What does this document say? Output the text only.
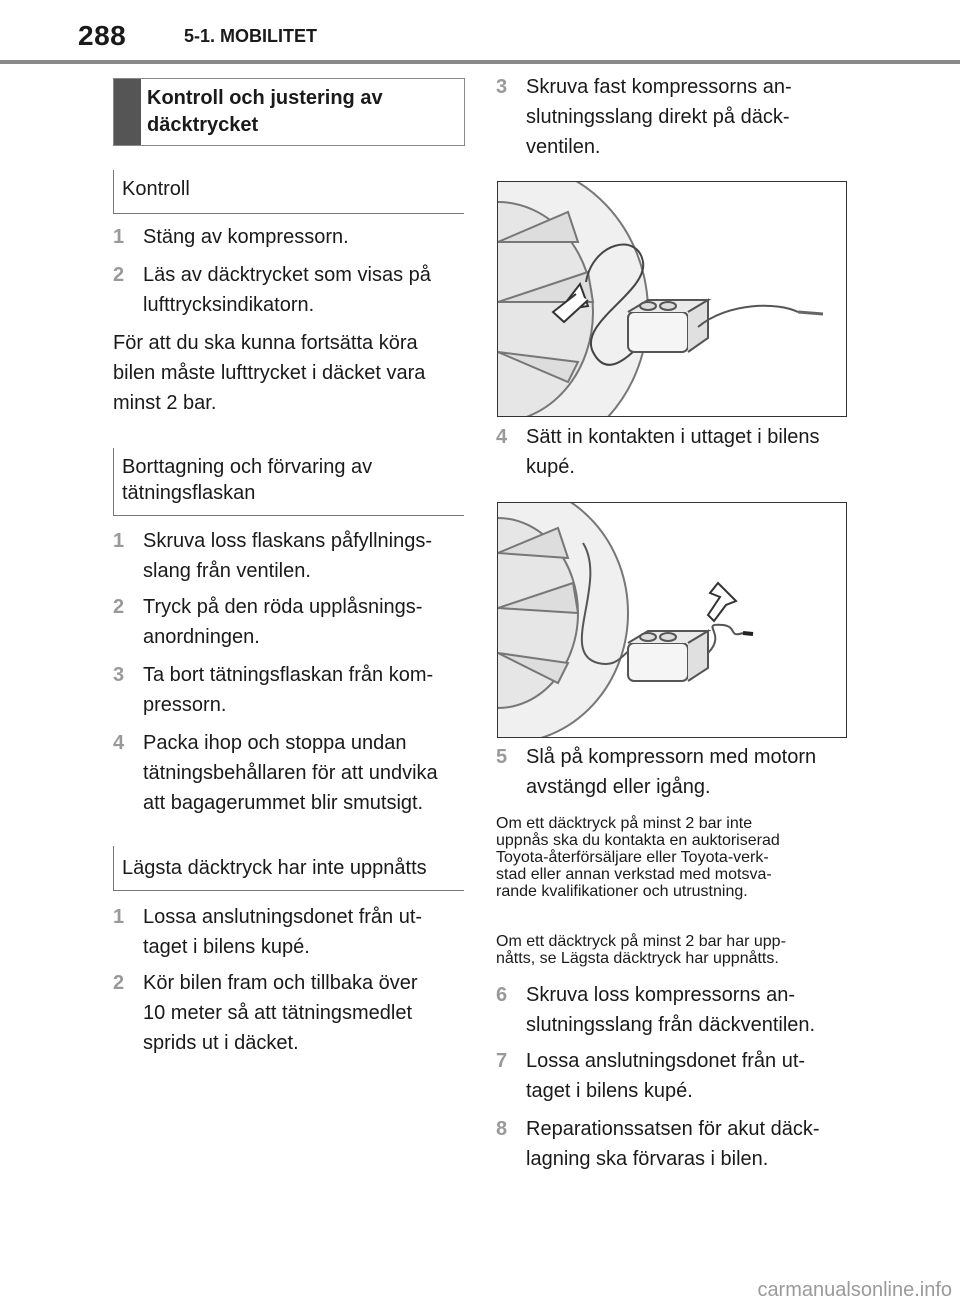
288	5-1. MOBILITET
Kontroll och justering av
däcktrycket
Kontroll
1 Stäng av kompressorn.
2 Läs av däcktrycket som visas på
lufttrycksindikatorn.
För att du ska kunna fortsätta köra
bilen måste lufttrycket i däcket vara
minst 2 bar.
Borttagning och förvaring av
tätningsflaskan
1 Skruva loss flaskans påfyllnings-
slang från ventilen.
2 Tryck på den röda upplåsnings-
anordningen.
3 Ta bort tätningsflaskan från kom-
pressorn.
4 Packa ihop och stoppa undan
tätningsbehållaren för att undvika
att bagagerummet blir smutsigt.
Lägsta däcktryck har inte uppnåtts
1 Lossa anslutningsdonet från ut-
taget i bilens kupé.
2 Kör bilen fram och tillbaka över
10 meter så att tätningsmedlet
sprids ut i däcket.
3 Skruva fast kompressorns an-
slutningsslang direkt på däck-
ventilen.
4 Sätt in kontakten i uttaget i bilens
kupé.
5 Slå på kompressorn med motorn
avstängd eller igång.
Om ett däcktryck på minst 2 bar inte
uppnås ska du kontakta en auktoriserad
Toyota-återförsäljare eller Toyota-verk-
stad eller annan verkstad med motsva-
rande kvalifikationer och utrustning.
Om ett däcktryck på minst 2 bar har upp-
nåtts, se Lägsta däcktryck har uppnåtts.
6 Skruva loss kompressorns an-
slutningsslang från däckventilen.
7 Lossa anslutningsdonet från ut-
taget i bilens kupé.
8 Reparationssatsen för akut däck-
lagning ska förvaras i bilen.
carmanualsonline.info
